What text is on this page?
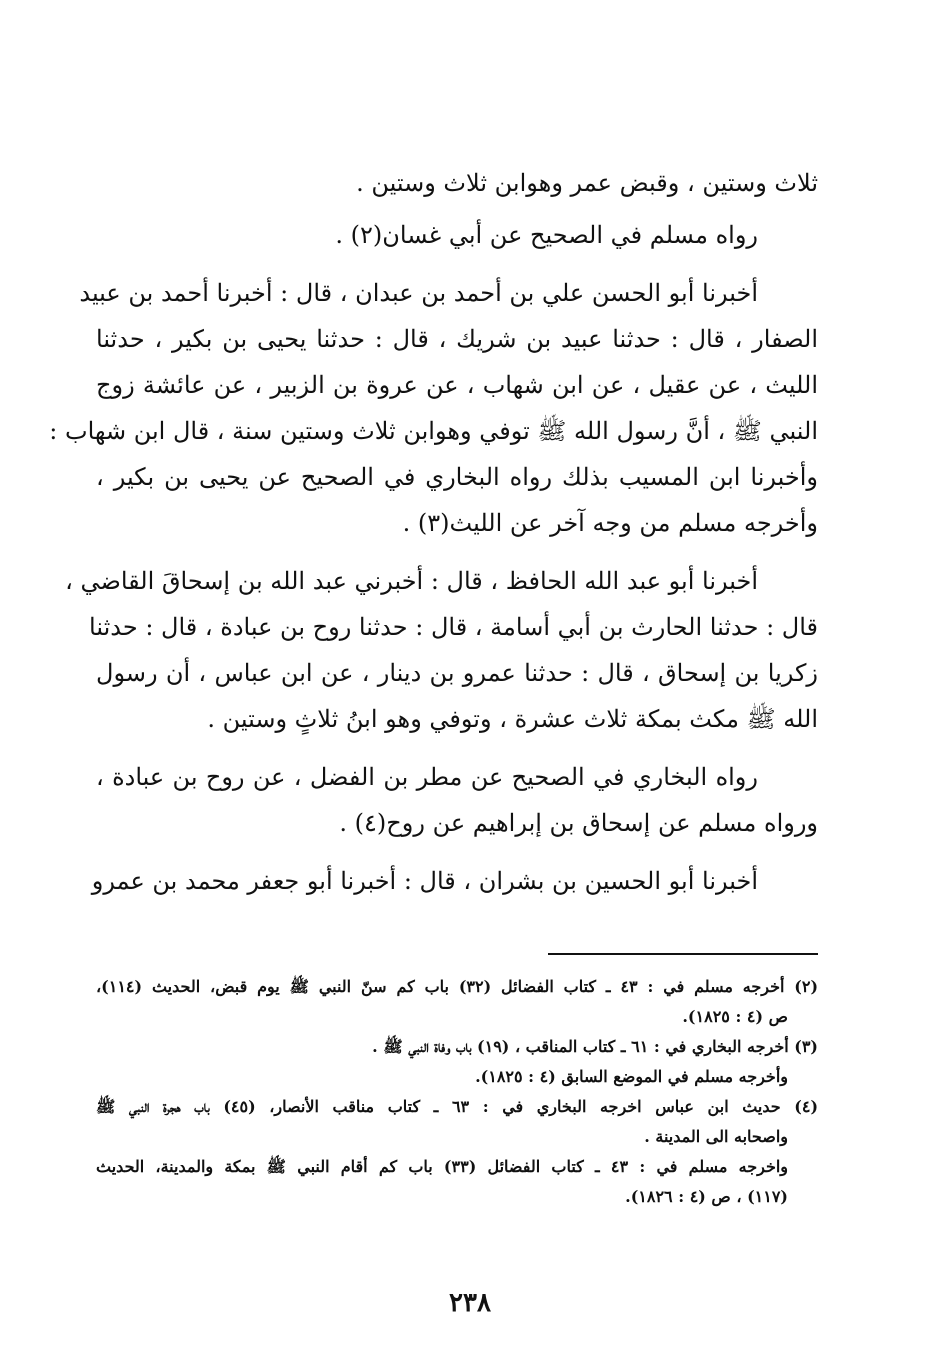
ثلاث وستين ، وقبض عمر وهوابن ثلاث وستين .
رواه مسلم في الصحيح عن أبي غسان(٢) .
أخبرنا أبو الحسن علي بن أحمد بن عبدان ، قال : أخبرنا أحمد بن عبيد
الصفار ، قال : حدثنا عبيد بن شريك ، قال : حدثنا يحيى بن بكير ، حدثنا
الليث ، عن عقيل ، عن ابن شهاب ، عن عروة بن الزبير ، عن عائشة زوج
النبي ﷺ ، أنَّ رسول الله ﷺ توفي وهوابن ثلاث وستين سنة ، قال ابن شهاب :
وأخبرنا ابن المسيب بذلك رواه البخاري في الصحيح عن يحيى بن بكير ،
وأخرجه مسلم من وجه آخر عن الليث(٣) .
أخبرنا أبو عبد الله الحافظ ، قال : أخبرني عبد الله بن إسحاقَ القاضي ،
قال : حدثنا الحارث بن أبي أسامة ، قال : حدثنا روح بن عبادة ، قال : حدثنا
زكريا بن إسحاق ، قال : حدثنا عمرو بن دينار ، عن ابن عباس ، أن رسول
الله ﷺ مكث بمكة ثلاث عشرة ، وتوفي وهو ابنُ ثلاثٍ وستين .
رواه البخاري في الصحيح عن مطر بن الفضل ، عن روح بن عبادة ،
ورواه مسلم عن إسحاق بن إبراهيم عن روح(٤) .
أخبرنا أبو الحسين بن بشران ، قال : أخبرنا أبو جعفر محمد بن عمرو
(٢) أخرجه مسلم في : ٤٣ ـ كتاب الفضائل (٣٢) باب كم سنّ النبي ﷺ يوم قبض، الحديث (١١٤)،
ص (٤ : ١٨٢٥).
(٣) أخرجه البخاري في : ٦١ ـ كتاب المناقب ، (١٩) باب وفاة النبي ﷺ .
وأخرجه مسلم في الموضع السابق (٤ : ١٨٢٥).
(٤) حديث ابن عباس اخرجه البخاري في : ٦٣ ـ كتاب مناقب الأنصار، (٤٥) باب هجرة النبي ﷺ
واصحابه الى المدينة .
واخرجه مسلم في : ٤٣ ـ كتاب الفضائل (٣٣) باب كم أقام النبي ﷺ بمكة والمدينة، الحديث
(١١٧) ، ص (٤ : ١٨٢٦).
٢٣٨
